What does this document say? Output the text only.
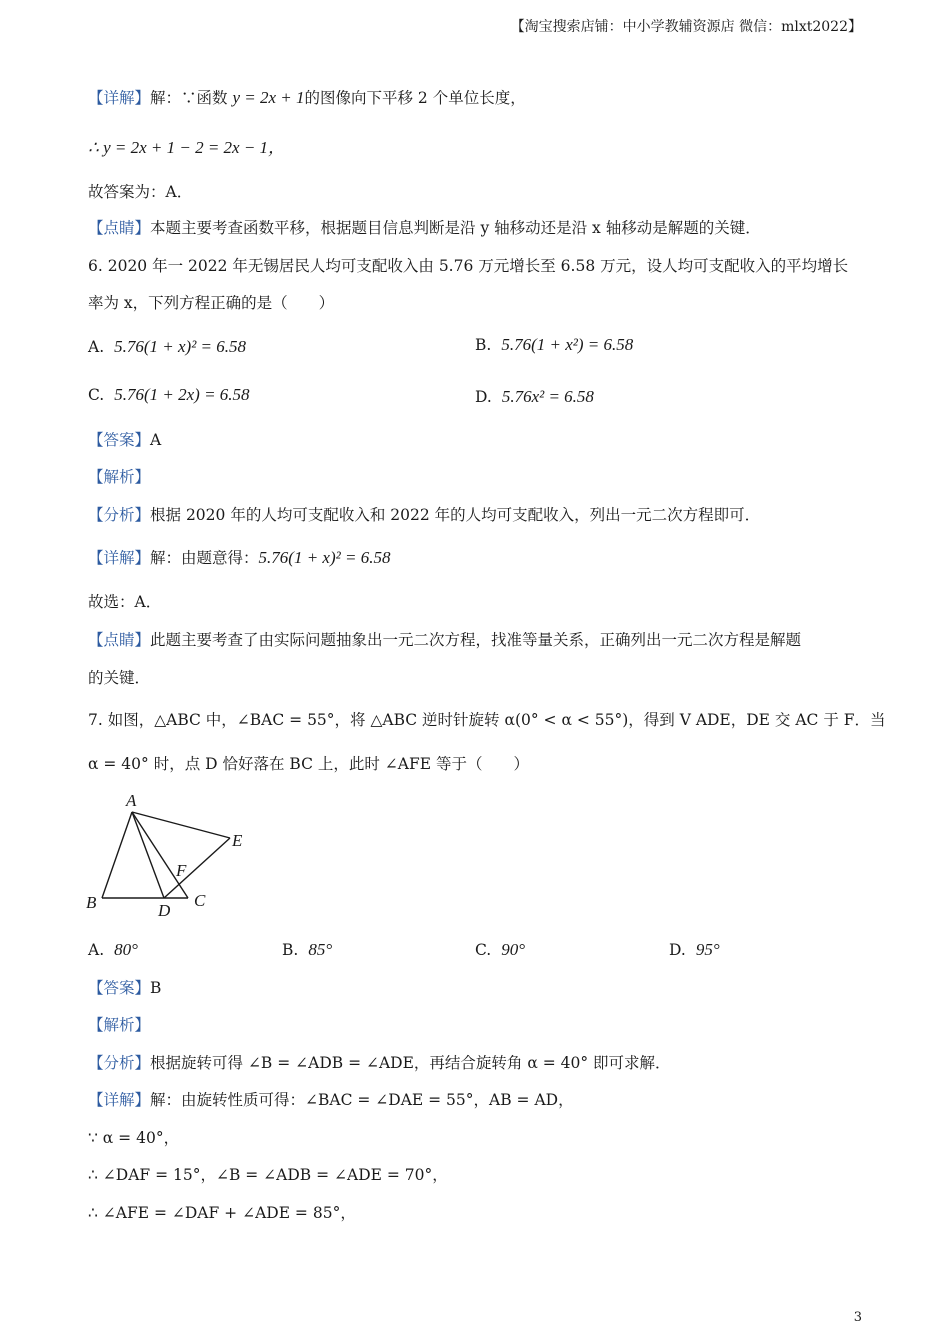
【淘宝搜索店铺：中小学教辅资源店 微信：mlxt2022】
【详解】解：∵函数 y = 2x + 1的图像向下平移 2 个单位长度，
∴ y = 2x + 1 − 2 = 2x − 1，
故答案为：A．
【点睛】本题主要考查函数平移，根据题目信息判断是沿 y 轴移动还是沿 x 轴移动是解题的关键．
6. 2020 年一 2022 年无锡居民人均可支配收入由 5.76 万元增长至 6.58 万元，设人均可支配收入的平均增长
率为 x，下列方程正确的是（　　）
A. 5.76(1 + x)² = 6.58	B. 5.76(1 + x²) = 6.58
C. 5.76(1 + 2x) = 6.58	D. 5.76x² = 6.58
【答案】A
【解析】
【分析】根据 2020 年的人均可支配收入和 2022 年的人均可支配收入，列出一元二次方程即可．
【详解】解：由题意得：5.76(1 + x)² = 6.58
故选：A．
【点睛】此题主要考查了由实际问题抽象出一元二次方程，找准等量关系，正确列出一元二次方程是解题
的关键．
7. 如图，△ABC 中，∠BAC = 55°，将 △ABC 逆时针旋转 α(0° < α < 55°)，得到 V ADE，DE 交 AC 于 F．当
α = 40° 时，点 D 恰好落在 BC 上，此时 ∠AFE 等于（　　）
A
B	C
D
E
F
A. 80°	B. 85°	C. 90°	D. 95°
【答案】B
【解析】
【分析】根据旋转可得 ∠B = ∠ADB = ∠ADE，再结合旋转角 α = 40° 即可求解．
【详解】解：由旋转性质可得：∠BAC = ∠DAE = 55°，AB = AD，
∵ α = 40°，
∴ ∠DAF = 15°，∠B = ∠ADB = ∠ADE = 70°，
∴ ∠AFE = ∠DAF + ∠ADE = 85°，
3
